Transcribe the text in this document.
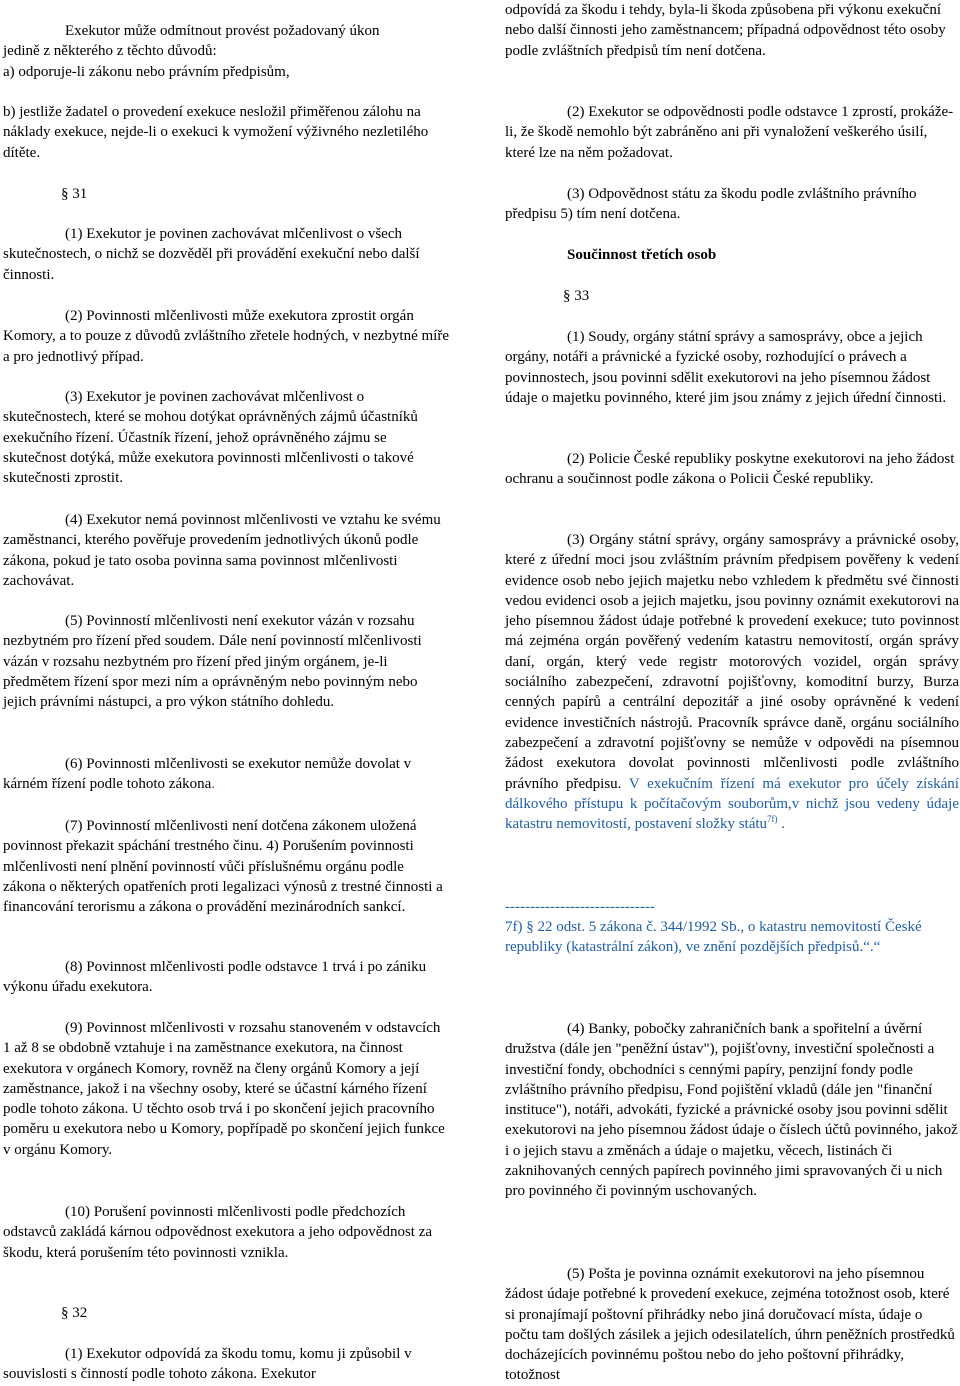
Exekutor může odmítnout provést požadovaný úkon
jedině z některého z těchto důvodů:
a) odporuje-li zákonu nebo právním předpisům,

b) jestliže žadatel o provedení exekuce nesložil přiměřenou zálohu na náklady exekuce, nejde-li o exekuci k vymožení výživného nezletilého dítěte.

§ 31

(1) Exekutor je povinen zachovávat mlčenlivost o všech skutečnostech, o nichž se dozvěděl při provádění exekuční nebo další činnosti.

(2) Povinnosti mlčenlivosti může exekutora zprostit orgán Komory, a to pouze z důvodů zvláštního zřetele hodných, v nezbytné míře a pro jednotlivý případ.

(3) Exekutor je povinen zachovávat mlčenlivost o skutečnostech, které se mohou dotýkat oprávněných zájmů účastníků exekučního řízení. Účastník řízení, jehož oprávněného zájmu se skutečnost dotýká, může exekutora povinnosti mlčenlivosti o takové skutečnosti zprostit.

(4) Exekutor nemá povinnost mlčenlivosti ve vztahu ke svému zaměstnanci, kterého pověřuje provedením jednotlivých úkonů podle zákona, pokud je tato osoba povinna sama povinnost mlčenlivosti zachovávat.

(5) Povinností mlčenlivosti není exekutor vázán v rozsahu nezbytném pro řízení před soudem. Dále není povinností mlčenlivosti vázán v rozsahu nezbytném pro řízení před jiným orgánem, je-li předmětem řízení spor mezi ním a oprávněným nebo povinným nebo jejich právními nástupci, a pro výkon státního dohledu.

(6) Povinnosti mlčenlivosti se exekutor nemůže dovolat v kárném řízení podle tohoto zákona.

(7) Povinností mlčenlivosti není dotčena zákonem uložená povinnost překazit spáchání trestného činu. 4) Porušením povinnosti mlčenlivosti není plnění povinností vůči příslušnému orgánu podle zákona o některých opatřeních proti legalizaci výnosů z trestné činnosti a financování terorismu a zákona o provádění mezinárodních sankcí.

(8) Povinnost mlčenlivosti podle odstavce 1 trvá i po zániku výkonu úřadu exekutora.

(9) Povinnost mlčenlivosti v rozsahu stanoveném v odstavcích 1 až 8 se obdobně vztahuje i na zaměstnance exekutora, na činnost exekutora v orgánech Komory, rovněž na členy orgánů Komory a její zaměstnance, jakož i na všechny osoby, které se účastní kárného řízení podle tohoto zákona. U těchto osob trvá i po skončení jejich pracovního poměru u exekutora nebo u Komory, popřípadě po skončení jejich funkce v orgánu Komory.

(10) Porušení povinnosti mlčenlivosti podle předchozích odstavců zakládá kárnou odpovědnost exekutora a jeho odpovědnost za škodu, která porušením této povinnosti vznikla.

§ 32

(1) Exekutor odpovídá za škodu tomu, komu ji způsobil v souvislosti s činností podle tohoto zákona. Exekutor

odpovídá za škodu i tehdy, byla-li škoda způsobena při výkonu exekuční nebo další činnosti jeho zaměstnancem; případná odpovědnost této osoby podle zvláštních předpisů tím není dotčena.

(2) Exekutor se odpovědnosti podle odstavce 1 zprostí, prokáže-li, že škodě nemohlo být zabráněno ani při vynaložení veškerého úsilí, které lze na něm požadovat.

(3) Odpovědnost státu za škodu podle zvláštního právního předpisu 5) tím není dotčena.

Součinnost třetích osob

§ 33

(1) Soudy, orgány státní správy a samosprávy, obce a jejich orgány, notáři a právnické a fyzické osoby, rozhodující o právech a povinnostech, jsou povinni sdělit exekutorovi na jeho písemnou žádost údaje o majetku povinného, které jim jsou známy z jejich úřední činnosti.

(2) Policie České republiky poskytne exekutorovi na jeho žádost ochranu a součinnost podle zákona o Policii České republiky.

(3) Orgány státní správy, orgány samosprávy a právnické osoby, které z úřední moci jsou zvláštním právním předpisem pověřeny k vedení evidence osob nebo jejich majetku nebo vzhledem k předmětu své činnosti vedou evidenci osob a jejich majetku, jsou povinny oznámit exekutorovi na jeho písemnou žádost údaje potřebné k provedení exekuce; tuto povinnost má zejména orgán pověřený vedením katastru nemovitostí, orgán správy daní, orgán, který vede registr motorových vozidel, orgán správy sociálního zabezpečení, zdravotní pojišťovny, komoditní burzy, Burza cenných papírů a centrální depozitář a jiné osoby oprávněné k vedení evidence investičních nástrojů. Pracovník správce daně, orgánu sociálního zabezpečení a zdravotní pojišťovny se nemůže v odpovědi na písemnou žádost exekutora dovolat povinnosti mlčenlivosti podle zvláštního právního předpisu. V exekučním řízení má exekutor pro účely získání dálkového přístupu k počítačovým souborům,v nichž jsou vedeny údaje katastru nemovitostí, postavení složky státu$^{7f)}$ .

------------------------------

7f) § 22 odst. 5 zákona č. 344/1992 Sb., o katastru nemovitostí České republiky (katastrální zákon), ve znění pozdějších předpisů.“.“

(4) Banky, pobočky zahraničních bank a spořitelní a úvěrní družstva (dále jen "peněžní ústav"), pojišťovny, investiční společnosti a investiční fondy, obchodníci s cennými papíry, penzijní fondy podle zvláštního právního předpisu, Fond pojištění vkladů (dále jen "finanční instituce"), notáři, advokáti, fyzické a právnické osoby jsou povinni sdělit exekutorovi na jeho písemnou žádost údaje o číslech účtů povinného, jakož i o jejich stavu a změnách a údaje o majetku, věcech, listinách či zaknihovaných cenných papírech povinného jimi spravovaných či u nich pro povinného či povinným uschovaných.

(5) Pošta je povinna oznámit exekutorovi na jeho písemnou žádost údaje potřebné k provedení exekuce, zejména totožnost osob, které si pronajímají poštovní přihrádky nebo jiná doručovací místa, údaje o počtu tam došlých zásilek a jejich odesilatelích, úhrn peněžních prostředků docházejících povinnému poštou nebo do jeho poštovní přihrádky, totožnost
